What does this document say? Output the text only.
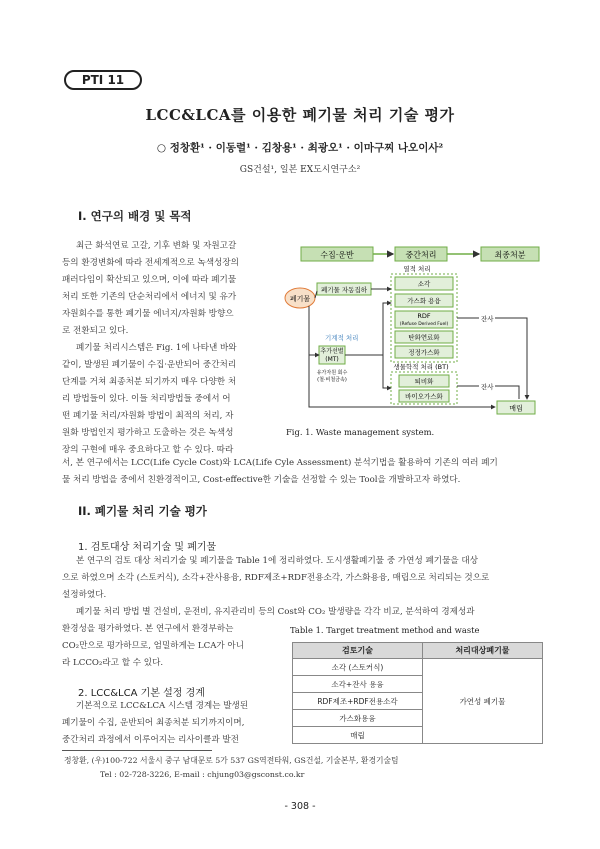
PTI 11
LCC&LCA를 이용한 폐기물 처리 기술 평가
○ 정창환¹ · 이동렬¹ · 김창용¹ · 최광오¹ · 이마구찌 나오이사²
GS건설¹, 일본 EX도시연구소²
I. 연구의 배경 및 목적
최근 화석연료 고갈, 기후 변화 및 자원고갈
등의 환경변화에 따라 전세계적으로 녹색성장의
패러다임이 확산되고 있으며, 이에 따라 폐기물
처리 또한 기존의 단순처리에서 에너지 및 유가
자원회수를 통한 폐기물 에너지/자원화 방향으
로 전환되고 있다.
폐기물 처리시스템은 Fig. 1에 나타낸 바와
같이, 발생된 폐기물이 수집·운반되어 중간처리
단계를 거쳐 최종처분 되기까지 매우 다양한 처
리 방법들이 있다. 이들 처리방법들 중에서 어
떤 폐기물 처리/자원화 방법이 최적의 처리, 자
원화 방법인지 평가하고 도출하는 것은 녹색성
장의 구현에 매우 중요하다고 할 수 있다. 따라
서, 본 연구에서는 LCC(Life Cycle Cost)와 LCA(Life Cyle Assessment) 분석기법을 활용하여 기존의 여러 폐기
물 처리 방법을 중에서 친환경적이고, Cost-effective한 기술을 선정할 수 있는 Tool을 개발하고자 하였다.
수집·운반	중간처리	최종처분
폐기물
폐기물 자동집하
열적 처리
소각
가스화 용융
RDF
(Refuse Derived Fuel)
탄화연료화
정정가스화
기계적 처리
추가선별
(MT)
유가자원 회수
(철·비철금속)
생물학적 처리 (BT)
퇴비화
바이오가스화
잔사
잔사
매립
Fig. 1. Waste management system.
II. 폐기물 처리 기술 평가
1. 검토대상 처리기술 및 폐기물
본 연구의 검토 대상 처리기술 및 폐기물을 Table 1에 정리하였다. 도시생활폐기물 중 가연성 폐기물을 대상
으로 하였으며 소각 (스토커식), 소각+잔사용융, RDF제조+RDF전용소각, 가스화용융, 매립으로 처리되는 것으로
설정하였다.
폐기물 처리 방법 별 건설비, 운전비, 유지관리비 등의 Cost와 CO₂ 발생량을 각각 비교, 분석하여 경제성과
환경성을 평가하였다. 본 연구에서 환경부하는
CO₂만으로 평가하므로, 엄밀하게는 LCA가 아니
라 LCCO₂라고 할 수 있다.
2. LCC&LCA 기본 설정 경계
기본적으로 LCC&LCA 시스템 경계는 발생된
폐기물이 수집, 운반되어 최종처분 되기까지이며,
중간처리 과정에서 이루어지는 리사이클과 발전
Table 1. Target treatment method and waste
검토기술	처리대상폐기물
소각 (스토커식)	가연성 폐기물
소각+잔사 용융	
RDF제조+RDF전용소각	
가스화용융	
매립	
정창환, (우)100-722 서울시 중구 남대문로 5가 537 GS역전타워, GS건설, 기술본부, 환경기술팀
Tel : 02-728-3226, E-mail : chjung03@gsconst.co.kr
- 308 -
